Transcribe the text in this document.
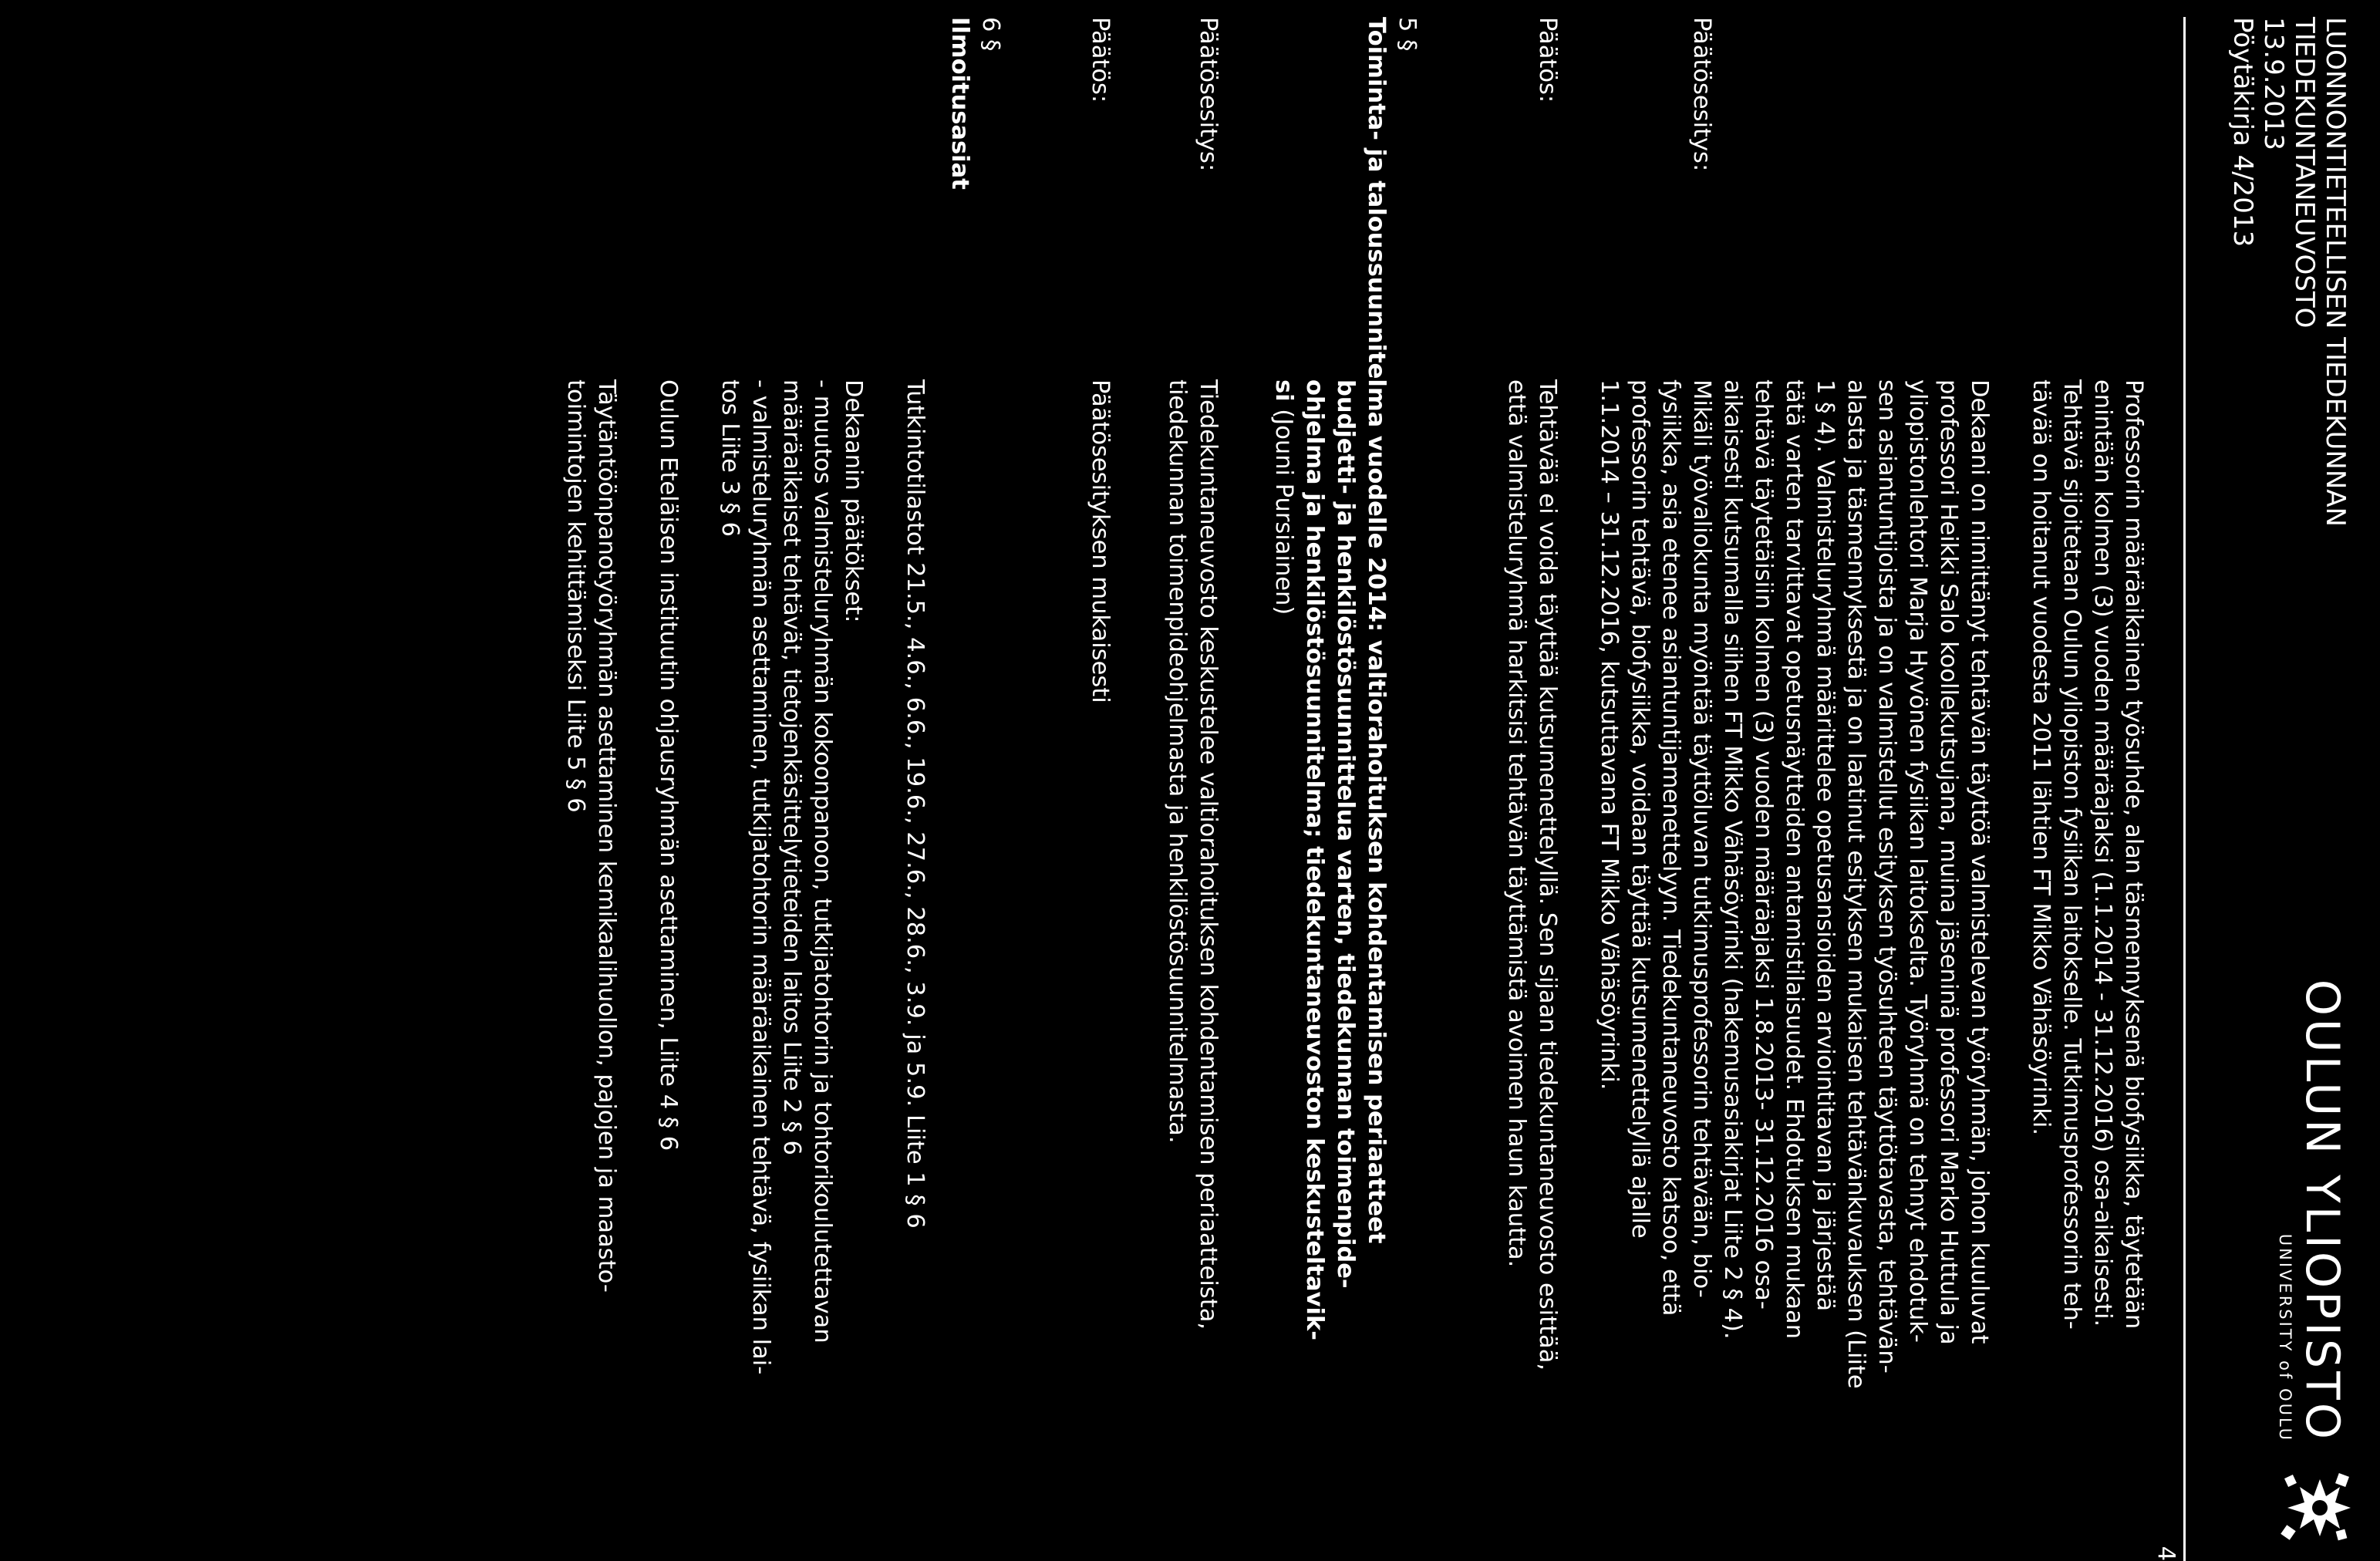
LUONNONTIETEELLISEN TIEDEKUNNAN
TIEDEKUNTANEUVOSTO
13.9.2013
Pöytäkirja 4/2013
OULUN YLIOPISTO
UNIVERSITY of OULU
4

Professorin määräaikainen työsuhde, alan täsmennyksenä biofysiikka, täytetään

enintään kolmen (3) vuoden määräajaksi (1.1.2014 - 31.12.2016) osa-aikaisesti.

Tehtävä sijoitetaan Oulun yliopiston fysiikan laitokselle. Tutkimusprofessorin teh-

tävää on hoitanut vuodesta 2011 lähtien FT Mikko Vähäsöyrinki.

Dekaani on nimittänyt tehtävän täyttöä valmistelevan työryhmän, johon kuuluvat

professori Heikki Salo koollekutsujana, muina jäseninä professori Marko Huttula ja

yliopistonlehtori Marja Hyvönen fysiikan laitokselta. Työryhmä on tehnyt ehdotuk-

sen asiantuntijoista ja on valmistellut esityksen työsuhteen täyttötavasta, tehtävän-

alasta ja täsmennyksestä ja on laatinut esityksen mukaisen tehtävänkuvauksen (Liite

1 § 4). Valmisteluryhmä määrittelee opetusansioiden arviointitavan ja järjestää

tätä varten tarvittavat opetusnäytteiden antamistilaisuudet. Ehdotuksen mukaan

tehtävä täytetäisiin kolmen (3) vuoden määräajaksi 1.8.2013- 31.12.2016 osa-

aikaisesti kutsumalla siihen FT Mikko Vähäsöyrinki (hakemusasiakirjat Liite 2 § 4).

Päätösesitys:

Mikäli työvaliokunta myöntää täyttöluvan tutkimusprofessorin tehtävään, bio-

fysiikka, asia etenee asiantuntijamenettelyyn. Tiedekuntaneuvosto katsoo, että

professorin tehtävä, biofysiikka, voidaan täyttää kutsumenettelyllä ajalle

1.1.2014 – 31.12.2016, kutsuttavana FT Mikko Vähäsöyrinki.

Päätös:

Tehtävää ei voida täyttää kutsumenettelyllä. Sen sijaan tiedekuntaneuvosto esittää,

että valmisteluryhmä harkitsisi tehtävän täyttämistä avoimen haun kautta.

5 §
Toiminta- ja taloussuunnitelma vuodelle 2014: valtiorahoituksen kohdentamisen periaatteet
budjetti- ja henkilöstösuunnittelua varten, tiedekunnan toimenpide-
ohjelma ja henkilöstösuunnitelma; tiedekuntaneuvoston keskusteltavik-
si (Jouni Pursiainen)
Päätösesitys:

Tiedekuntaneuvosto keskustelee valtiorahoituksen kohdentamisen periaatteista,

tiedekunnan toimenpideohjelmasta ja henkilöstösuunnitelmasta.

Päätös:

Päätösesityksen mukaisesti

6 §
Ilmoitusasiat

Tutkintotilastot 21.5., 4.6., 6.6., 19.6., 27.6., 28.6., 3.9. ja 5.9. Liite 1 § 6

Dekaanin päätökset:

- muutos valmisteluryhmän kokoonpanoon, tutkijatohtorin ja tohtorikoulutettavan

määräaikaiset tehtävät, tietojenkäsittelytieteiden laitos Liite 2 § 6

- valmisteluryhmän asettaminen, tutkijatohtorin määräaikainen tehtävä, fysiikan lai-

tos Liite 3 § 6

Oulun Eteläisen instituutin ohjausryhmän asettaminen, Liite 4 § 6

Täytäntöönpanotyöryhmän asettaminen kemikaalihuollon, pajojen ja maasto-

toimintojen kehittämiseksi Liite 5 § 6
